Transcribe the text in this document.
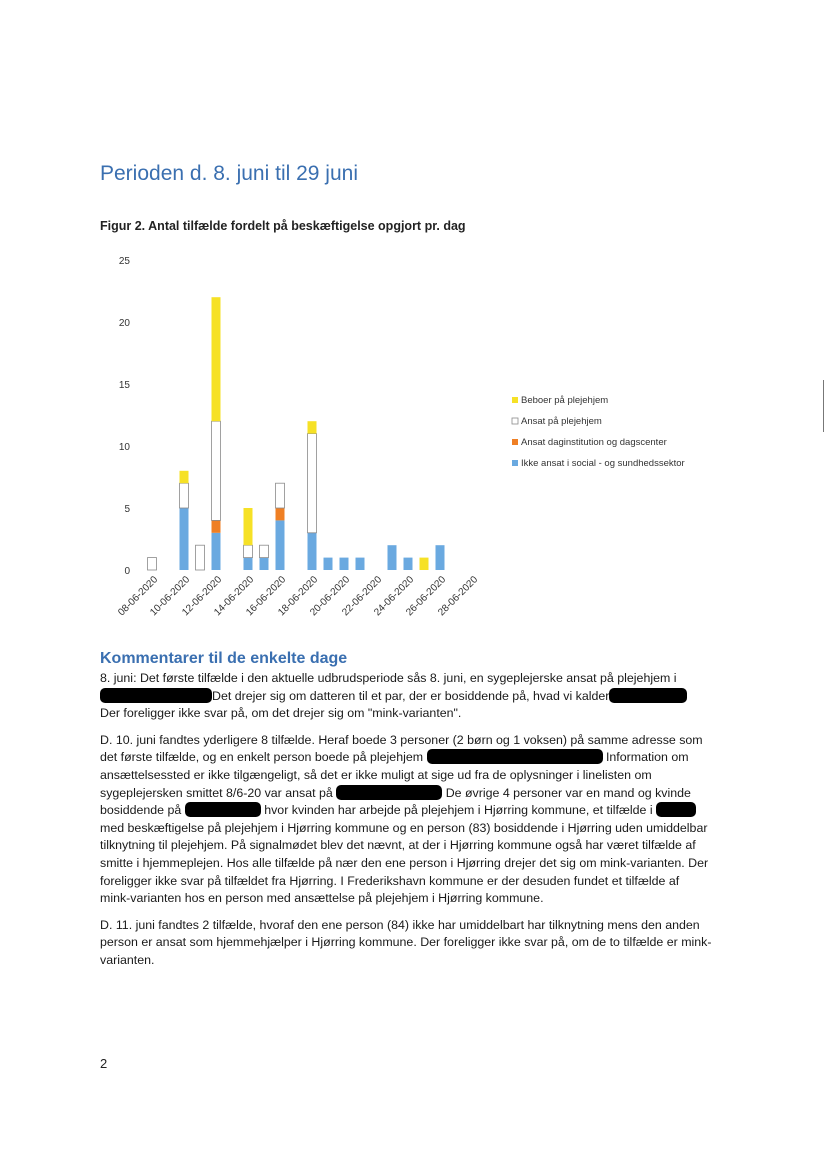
Perioden d. 8. juni til 29 juni

Figur 2. Antal tilfælde fordelt på beskæftigelse opgjort pr. dag

25
20
15
10
5
0
08-06-2020
10-06-2020
12-06-2020
14-06-2020
16-06-2020
18-06-2020
20-06-2020
22-06-2020
24-06-2020
26-06-2020
28-06-2020
Beboer på plejehjem
Ansat på plejehjem
Ansat daginstitution og dagscenter
Ikke ansat i social - og sundhedssektor
Kommentarer til de enkelte dage

8. juni: Det første tilfælde i den aktuelle udbrudsperiode sås 8. juni, en sygeplejerske ansat på plejehjem i
Det drejer sig om datteren til et par, der er bosiddende på, hvad vi kalder
Der foreligger ikke svar på, om det drejer sig om "mink-varianten".

D. 10. juni fandtes yderligere 8 tilfælde. Heraf boede 3 personer (2 børn og 1 voksen) på samme adresse som det første tilfælde, og en enkelt person boede på plejehjem	Information om ansættelsessted er ikke tilgængeligt, så det er ikke muligt at sige ud fra de oplysninger i linelisten om sygeplejersken smittet 8/6-20 var ansat på	De øvrige 4 personer var en mand og kvinde bosiddende på	hvor kvinden har arbejde på plejehjem i Hjørring kommune, et tilfælde i  med beskæftigelse på plejehjem i Hjørring kommune og en person (83) bosiddende i Hjørring uden umiddelbar tilknytning til plejehjem. På signalmødet blev det nævnt, at der i Hjørring kommune også har været tilfælde af smitte i hjemmeplejen. Hos alle tilfælde på nær den ene person i Hjørring drejer det sig om mink-varianten. Der foreligger ikke svar på tilfældet fra Hjørring. I Frederikshavn kommune er der desuden fundet et tilfælde af mink-varianten hos en person med ansættelse på plejehjem i Hjørring kommune.

D. 11. juni fandtes 2 tilfælde, hvoraf den ene person (84) ikke har umiddelbart har tilknytning mens den anden person er ansat som hjemmehjælper i Hjørring kommune. Der foreligger ikke svar på, om de to tilfælde er mink-varianten.

2
